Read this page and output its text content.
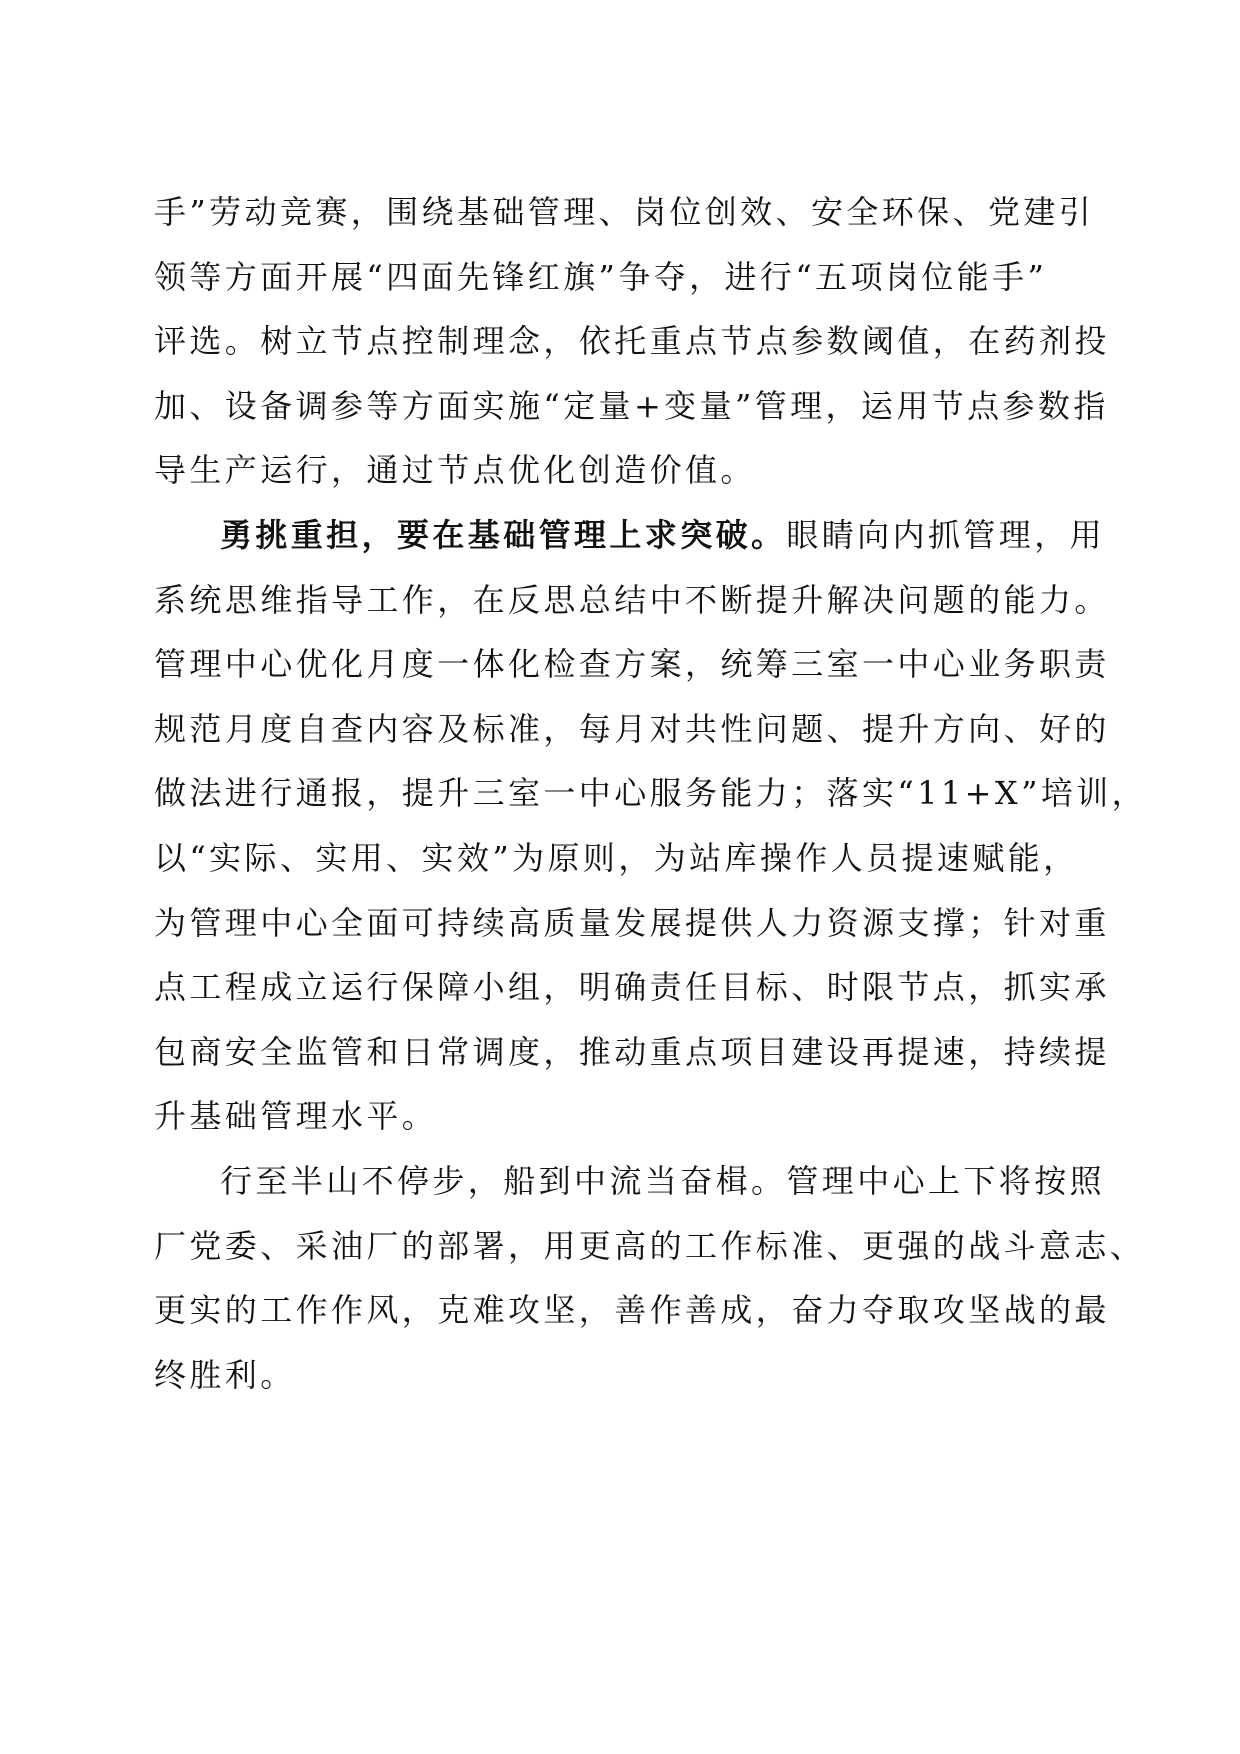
手”劳动竞赛，围绕基础管理、岗位创效、安全环保、党建引
领等方面开展“四面先锋红旗”争夺，进行“五项岗位能手”
评选。树立节点控制理念，依托重点节点参数阈值，在药剂投
加、设备调参等方面实施“定量+变量”管理，运用节点参数指
导生产运行，通过节点优化创造价值。
勇挑重担，要在基础管理上求突破。眼睛向内抓管理，用
系统思维指导工作，在反思总结中不断提升解决问题的能力。
管理中心优化月度一体化检查方案，统筹三室一中心业务职责
规范月度自查内容及标准，每月对共性问题、提升方向、好的
做法进行通报，提升三室一中心服务能力；落实“11+X”培训，
以“实际、实用、实效”为原则，为站库操作人员提速赋能，
为管理中心全面可持续高质量发展提供人力资源支撑；针对重
点工程成立运行保障小组，明确责任目标、时限节点，抓实承
包商安全监管和日常调度，推动重点项目建设再提速，持续提
升基础管理水平。
行至半山不停步，船到中流当奋楫。管理中心上下将按照
厂党委、采油厂的部署，用更高的工作标准、更强的战斗意志、
更实的工作作风，克难攻坚，善作善成，奋力夺取攻坚战的最
终胜利。
